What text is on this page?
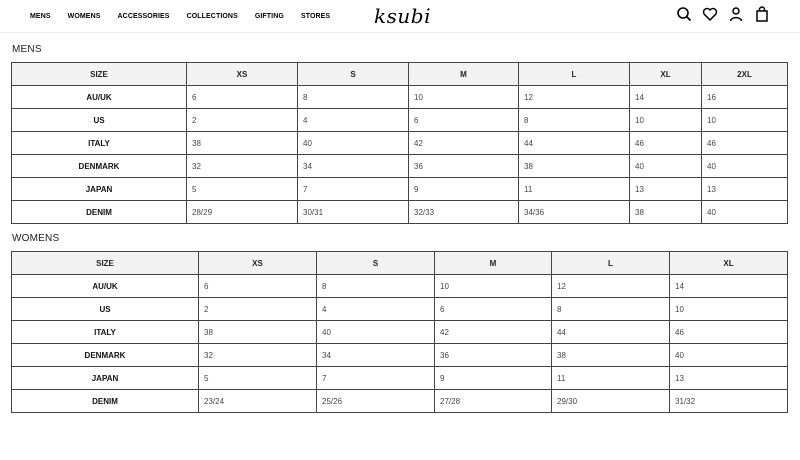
MENS WOMENS ACCESSORIES COLLECTIONS GIFTING STORES ksubi
MENS
SIZE	XS	S	M	L	XL	2XL
AU/UK	6	8	10	12	14	16
US	2	4	6	8	10	10
ITALY	38	40	42	44	46	46
DENMARK	32	34	36	38	40	40
JAPAN	5	7	9	11	13	13
DENIM	28/29	30/31	32/33	34/36	38	40
WOMENS
SIZE	XS	S	M	L	XL
AU/UK	6	8	10	12	14
US	2	4	6	8	10
ITALY	38	40	42	44	46
DENMARK	32	34	36	38	40
JAPAN	5	7	9	11	13
DENIM	23/24	25/26	27/28	29/30	31/32
